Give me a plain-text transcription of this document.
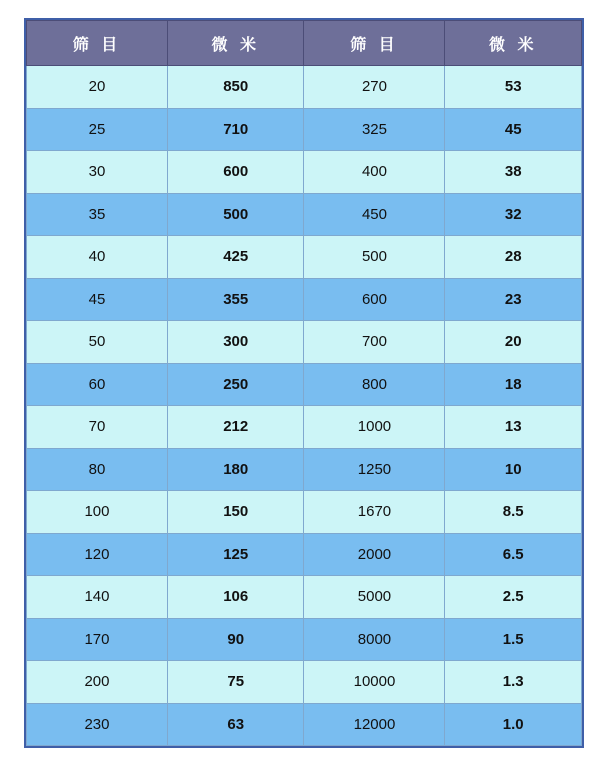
筛 目	微 米	筛 目	微 米
20	850	270	53
25	710	325	45
30	600	400	38
35	500	450	32
40	425	500	28
45	355	600	23
50	300	700	20
60	250	800	18
70	212	1000	13
80	180	1250	10
100	150	1670	8.5
120	125	2000	6.5
140	106	5000	2.5
170	90	8000	1.5
200	75	10000	1.3
230	63	12000	1.0
